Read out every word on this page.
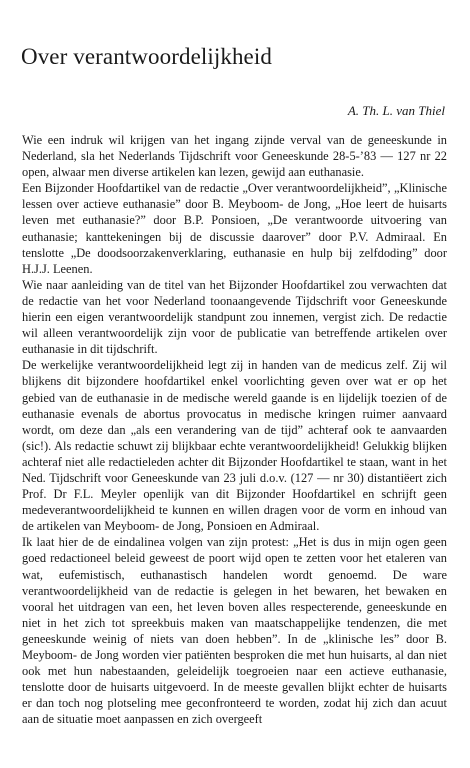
Over verantwoordelijkheid
A. Th. L. van Thiel

Wie een indruk wil krijgen van het ingang zijnde verval van de geneeskunde in Nederland, sla het Nederlands Tijdschrift voor Geneeskunde 28-5-’83 — 127 nr 22 open, alwaar men diverse artikelen kan lezen, gewijd aan euthanasie.

Een Bijzonder Hoofdartikel van de redactie „Over verantwoordelijkheid”, „Klinische lessen over actieve euthanasie” door B. Meyboom- de Jong, „Hoe leert de huisarts leven met euthanasie?” door B.P. Ponsioen, „De verantwoorde uitvoering van euthanasie; kanttekeningen bij de discussie daarover” door P.V. Admiraal. En tenslotte „De doodsoorzakenverklaring, euthanasie en hulp bij zelfdoding” door H.J.J. Leenen.

Wie naar aanleiding van de titel van het Bijzonder Hoofdartikel zou verwachten dat de redactie van het voor Nederland toonaangevende Tijdschrift voor Geneeskunde hierin een eigen verantwoordelijk standpunt zou innemen, vergist zich. De redactie wil alleen verantwoordelijk zijn voor de publicatie van betreffende artikelen over euthanasie in dit tijdschrift.

De werkelijke verantwoordelijkheid legt zij in handen van de medicus zelf. Zij wil blijkens dit bijzondere hoofdartikel enkel voorlichting geven over wat er op het gebied van de euthanasie in de medische wereld gaande is en lijdelijk toezien of de euthanasie evenals de abortus provocatus in medische kringen ruimer aanvaard wordt, om deze dan „als een verandering van de tijd” achteraf ook te aanvaarden (sic!). Als redactie schuwt zij blijkbaar echte verantwoordelijkheid! Gelukkig blijken achteraf niet alle redactieleden achter dit Bijzonder Hoofdartikel te staan, want in het Ned. Tijdschrift voor Geneeskunde van 23 juli d.o.v. (127 — nr 30) distantiëert zich Prof. Dr F.L. Meyler openlijk van dit Bijzonder Hoofdartikel en schrijft geen medeverantwoordelijkheid te kunnen en willen dragen voor de vorm en inhoud van de artikelen van Meyboom- de Jong, Ponsioen en Admiraal.

Ik laat hier de de eindalinea volgen van zijn protest: „Het is dus in mijn ogen geen goed redactioneel beleid geweest de poort wijd open te zetten voor het etaleren van wat, eufemistisch, euthanastisch handelen wordt genoemd. De ware verantwoordelijkheid van de redactie is gelegen in het bewaren, het bewaken en vooral het uitdragen van een, het leven boven alles respecterende, geneeskunde en niet in het zich tot spreekbuis maken van maatschappelijke tendenzen, die met geneeskunde weinig of niets van doen hebben”. In de „klinische les” door B. Meyboom- de Jong worden vier patiënten besproken die met hun huisarts, al dan niet ook met hun nabestaanden, geleidelijk toegroeien naar een actieve euthanasie, tenslotte door de huisarts uitgevoerd. In de meeste gevallen blijkt echter de huisarts er dan toch nog plotseling mee geconfronteerd te worden, zodat hij zich dan acuut aan de situatie moet aanpassen en zich overgeeft
